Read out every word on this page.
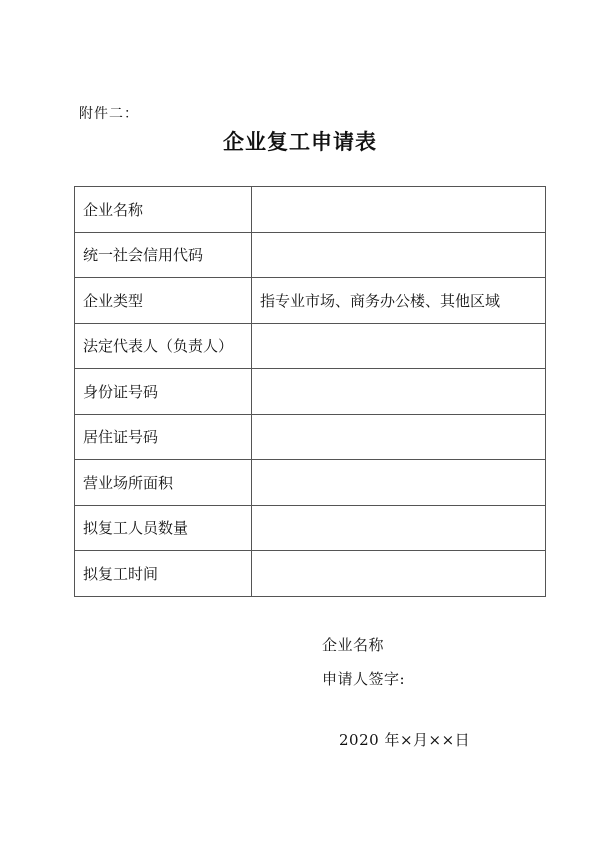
附件二：
企业复工申请表
企业名称	
统一社会信用代码	
企业类型	指专业市场、商务办公楼、其他区域
法定代表人（负责人）	
身份证号码	
居住证号码	
营业场所面积	
拟复工人员数量	
拟复工时间	
企业名称
申请人签字:
2020 年×月××日
